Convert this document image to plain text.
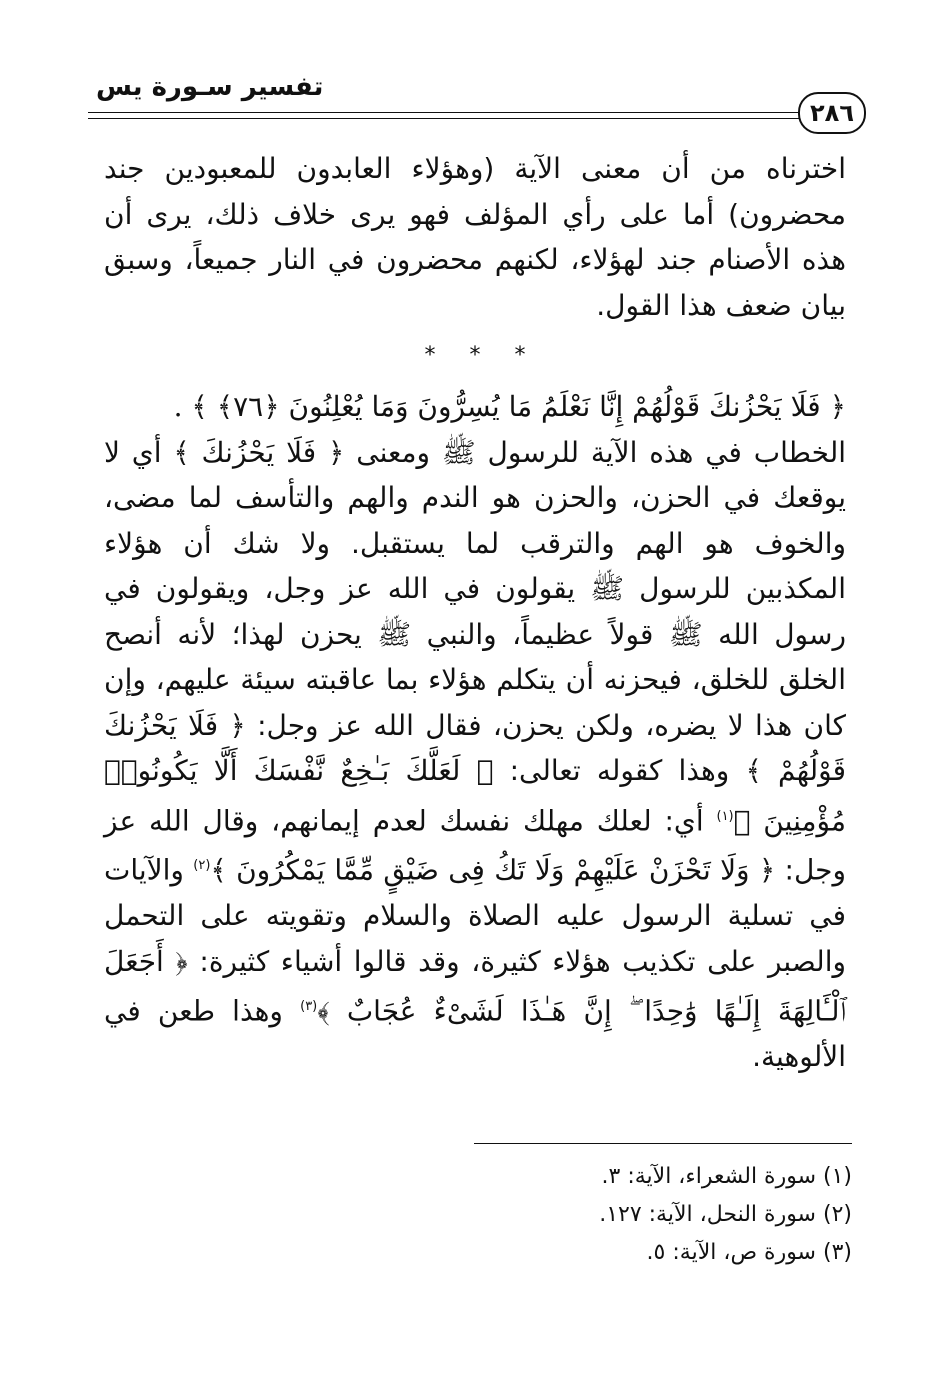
تفسير سـورة يس
٢٨٦

اخترناه من أن معنى الآية (وهؤلاء العابدون للمعبودين جند محضرون) أما على رأي المؤلف فهو يرى خلاف ذلك، يرى أن هذه الأصنام جند لهؤلاء، لكنهم محضرون في النار جميعاً، وسبق بيان ضعف هذا القول.

***

﴿ فَلَا يَحْزُنكَ قَوْلُهُمْ إِنَّا نَعْلَمُ مَا يُسِرُّونَ وَمَا يُعْلِنُونَ ﴿٧٦﴾ ﴾ .

الخطاب في هذه الآية للرسول ﷺ ومعنى ﴿ فَلَا يَحْزُنكَ ﴾ أي لا يوقعك في الحزن، والحزن هو الندم والهم والتأسف لما مضى، والخوف هو الهم والترقب لما يستقبل. ولا شك أن هؤلاء المكذبين للرسول ﷺ يقولون في الله عز وجل، ويقولون في رسول الله ﷺ قولاً عظيماً، والنبي ﷺ يحزن لهذا؛ لأنه أنصح الخلق للخلق، فيحزنه أن يتكلم هؤلاء بما عاقبته سيئة عليهم، وإن كان هذا لا يضره، ولكن يحزن، فقال الله عز وجل: ﴿ فَلَا يَحْزُنكَ قَوْلُهُمْ ﴾ وهذا كقوله تعالى: ﴿ لَعَلَّكَ بَـٰخِعٌ نَّفْسَكَ أَلَّا يَكُونُوا۟ مُؤْمِنِينَ ﴾$^{(١)}$ أي: لعلك مهلك نفسك لعدم إيمانهم، وقال الله عز وجل: ﴿ وَلَا تَحْزَنْ عَلَيْهِمْ وَلَا تَكُ فِى ضَيْقٍ مِّمَّا يَمْكُرُونَ ﴾$^{(٢)}$ والآيات في تسلية الرسول عليه الصلاة والسلام وتقويته على التحمل والصبر على تكذيب هؤلاء كثيرة، وقد قالوا أشياء كثيرة: ﴿ أَجَعَلَ ٱلْـَٔالِهَةَ إِلَـٰهًا وَٰحِدًا ۖ إِنَّ هَـٰذَا لَشَىْءٌ عُجَابٌ ﴾$^{(٣)}$ وهذا طعن في الألوهية.

(١) سورة الشعراء، الآية: ٣.
(٢) سورة النحل، الآية: ١٢٧.
(٣) سورة ص، الآية: ٥.
